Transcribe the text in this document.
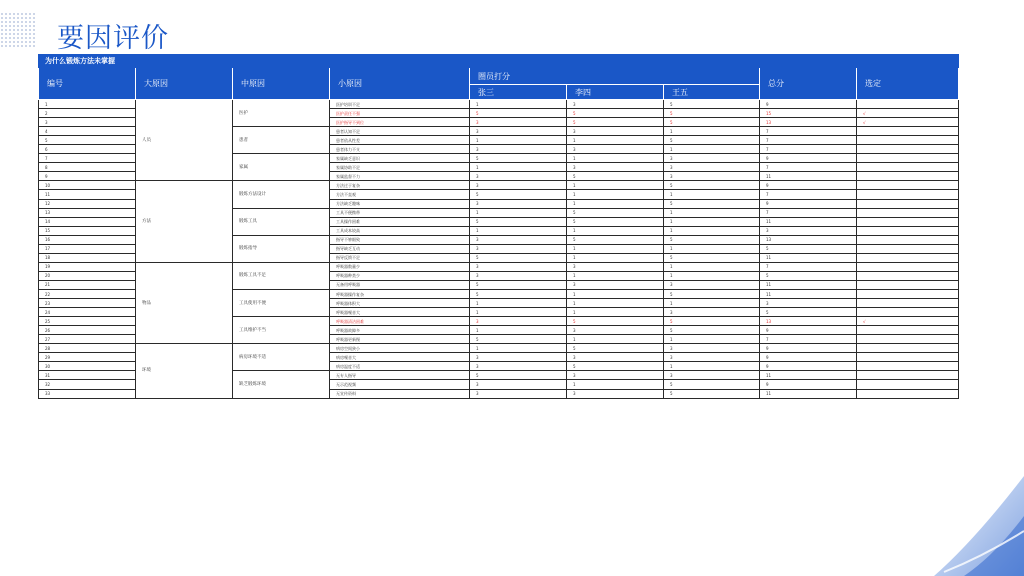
要因评价
为什么锻炼方法未掌握								
编号	大原因	中原因	小原因	圈员打分			总分	选定
				张三	李四	王五		
1	人员	医护	医护培训不足	1	3	5	9	
2			医护责任不强	5	5	5	15	√
3			医护指导不到位	3	5	5	13	√
4		患者	患者认知不足	3	3	1	7	
5			患者依从性差	1	1	5	7	
6			患者体力不支	3	3	1	7	
7		家属	家属缺乏意识	5	1	3	9	
8			家属协助不足	1	3	3	7	
9			家属监督不力	3	5	3	11	
10	方法	锻炼方法设计	方法过于复杂	3	1	5	9	
11			方法不直观	5	1	1	7	
12			方法缺乏趣味	3	1	5	9	
13		锻炼工具	工具不便携带	1	5	1	7	
14			工具操作困难	5	5	1	11	
15			工具成本较高	1	1	1	3	
16		锻炼指导	指导不够细致	3	5	5	13	
17			指导缺乏互动	3	1	1	5	
18			指导反馈不足	5	1	5	11	
19	物品	锻炼工具不足	呼吸器数量少	3	3	1	7	
20			呼吸器种类少	3	1	1	5	
21			无备用呼吸器	5	3	3	11	
22		工具使用不便	呼吸器操作复杂	5	1	5	11	
23			呼吸器体积大	1	1	1	3	
24			呼吸器噪音大	1	1	3	5	
25		工具维护不当	呼吸器清洁困难	3	5	5	13	√
26			呼吸器故障多	1	3	5	9	
27			呼吸器更新慢	5	1	1	7	
28	环境	病房环境不适	病房空间狭小	1	5	3	9	
29			病房噪音大	3	3	3	9	
30			病房温度不适	3	5	1	9	
31		缺乏锻炼环境	无专人指导	5	3	3	11	
32			无示范视频	3	1	5	9	
33			无宣传资料	3	3	5	11	
